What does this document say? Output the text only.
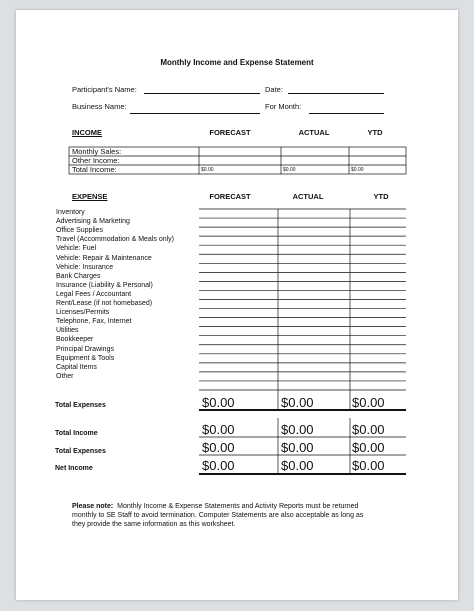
Monthly Income and Expense Statement
Participant's Name:	Date:
Business Name:	For Month:
INCOME	FORECAST	ACTUAL	YTD
Monthly Sales:
Other Income:
Total Income:	$0.00	$0.00	$0.00
EXPENSE	FORECAST	ACTUAL	YTD
Inventory
Advertising & Marketing
Office Supplies
Travel (Accommodation & Meals only)
Vehicle: Fuel
Vehicle: Repair & Maintenance
Vehicle: Insurance
Bank Charges
Insurance (Liability & Personal)
Legal Fees / Accountant
Rent/Lease (if not homebased)
Licenses/Permits
Telephone, Fax, Internet
Utilities
Bookkeeper
Principal Drawings
Equipment & Tools
Capital Items
Other
Total Expenses	$0.00	$0.00	$0.00
Total Income	$0.00	$0.00	$0.00
Total Expenses	$0.00	$0.00	$0.00
Net Income	$0.00	$0.00	$0.00
Please note: Monthly Income & Expense Statements and Activity Reports must be returned
monthly to SE Staff to avoid termination. Computer Statements are also acceptable as long as
they provide the same information as this worksheet.
